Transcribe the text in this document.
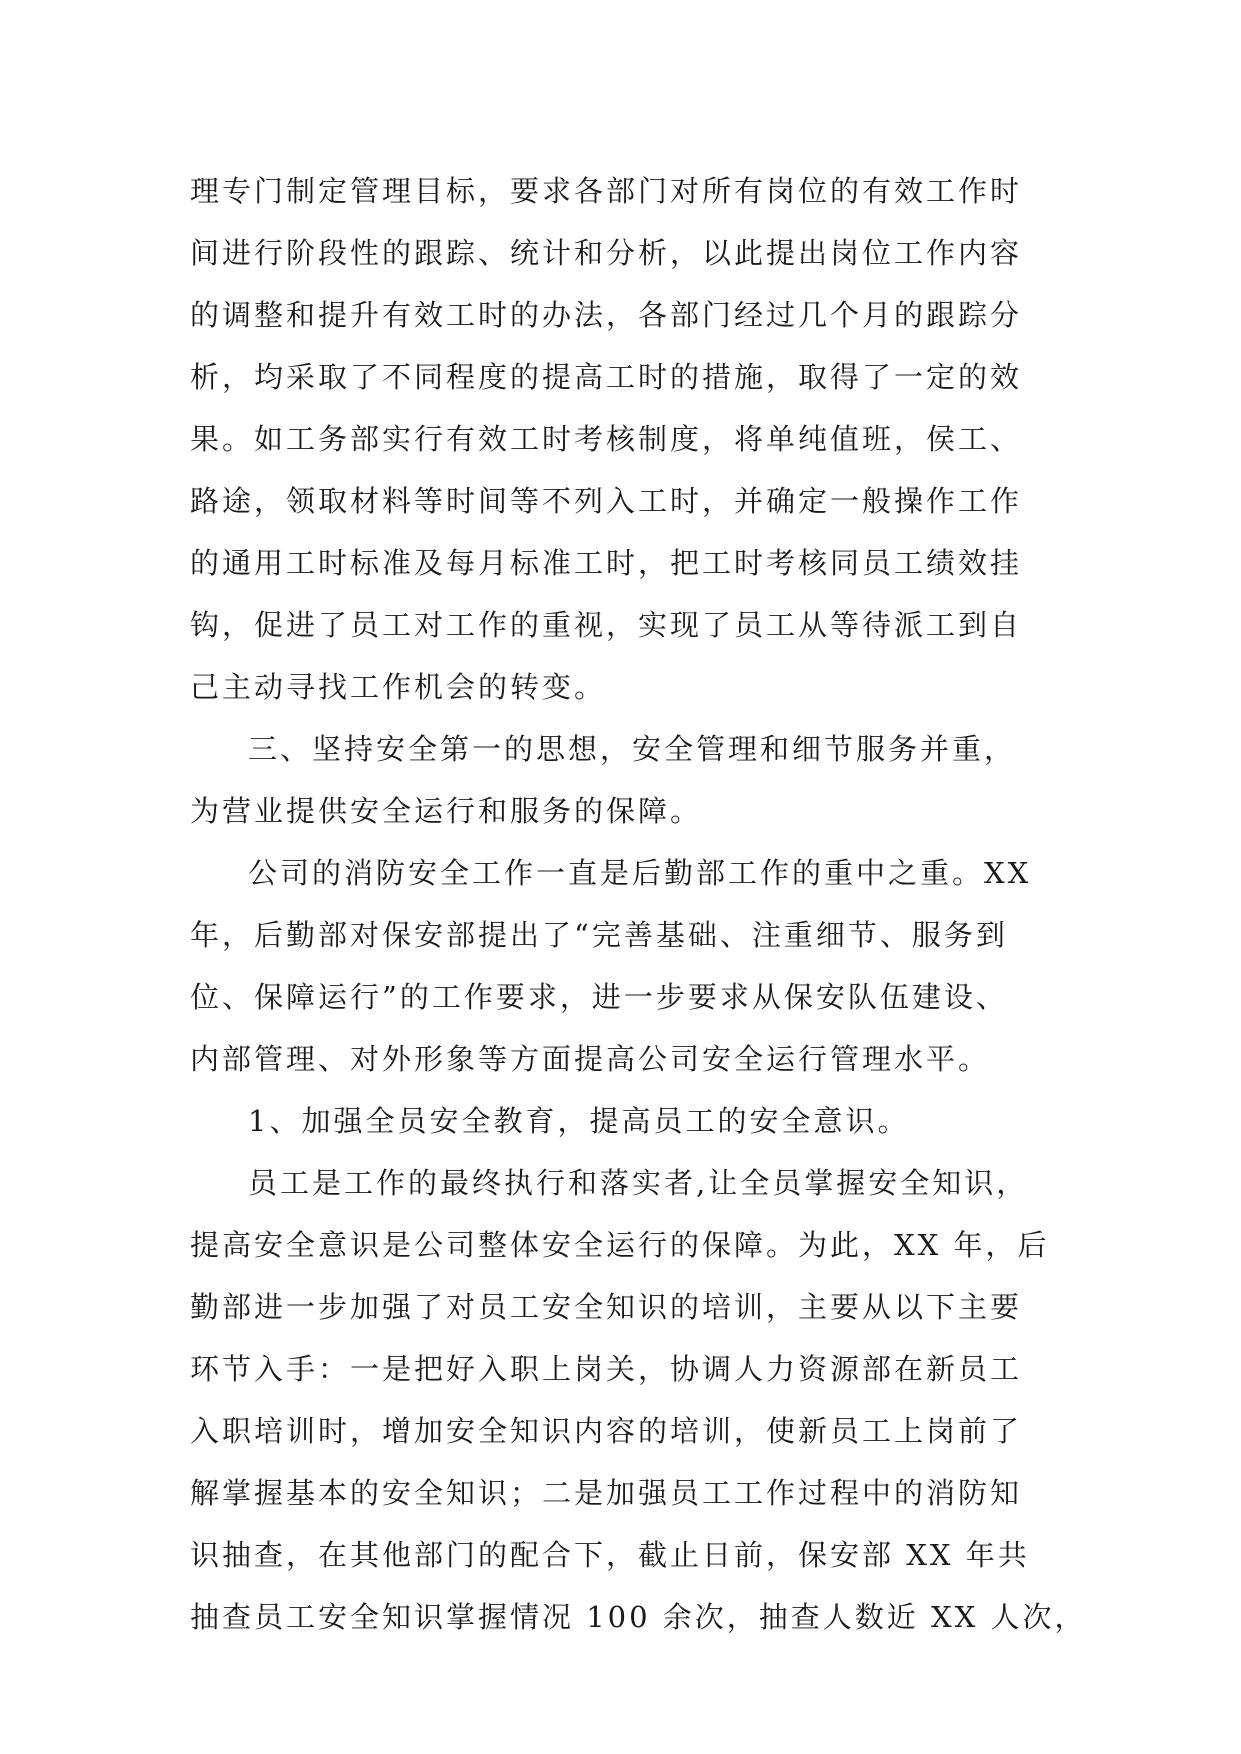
理专门制定管理目标，要求各部门对所有岗位的有效工作时
间进行阶段性的跟踪、统计和分析，以此提出岗位工作内容
的调整和提升有效工时的办法，各部门经过几个月的跟踪分
析，均采取了不同程度的提高工时的措施，取得了一定的效
果。如工务部实行有效工时考核制度，将单纯值班，侯工、
路途，领取材料等时间等不列入工时，并确定一般操作工作
的通用工时标准及每月标准工时，把工时考核同员工绩效挂
钩，促进了员工对工作的重视，实现了员工从等待派工到自
己主动寻找工作机会的转变。
三、坚持安全第一的思想，安全管理和细节服务并重，
为营业提供安全运行和服务的保障。
公司的消防安全工作一直是后勤部工作的重中之重。XX
年，后勤部对保安部提出了“完善基础、注重细节、服务到
位、保障运行”的工作要求，进一步要求从保安队伍建设、
内部管理、对外形象等方面提高公司安全运行管理水平。
1、加强全员安全教育，提高员工的安全意识。
员工是工作的最终执行和落实者,让全员掌握安全知识，
提高安全意识是公司整体安全运行的保障。为此，XX 年，后
勤部进一步加强了对员工安全知识的培训，主要从以下主要
环节入手：一是把好入职上岗关，协调人力资源部在新员工
入职培训时，增加安全知识内容的培训，使新员工上岗前了
解掌握基本的安全知识；二是加强员工工作过程中的消防知
识抽查，在其他部门的配合下，截止日前，保安部 XX 年共
抽查员工安全知识掌握情况 100 余次，抽查人数近 XX 人次，
